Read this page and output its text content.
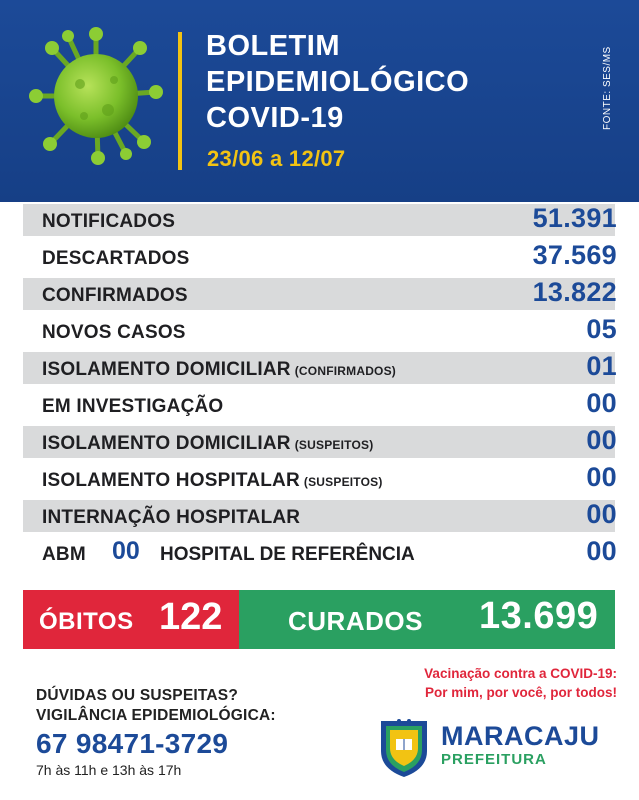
BOLETIM
EPIDEMIOLÓGICO
COVID-19
23/06 a 12/07
FONTE: SES/MS
NOTIFICADOS	51.391
DESCARTADOS	37.569
CONFIRMADOS	13.822
NOVOS CASOS	05
ISOLAMENTO DOMICILIAR (CONFIRMADOS)	01
EM INVESTIGAÇÃO	00
ISOLAMENTO DOMICILIAR (SUSPEITOS)	00
ISOLAMENTO HOSPITALAR (SUSPEITOS)	00
INTERNAÇÃO HOSPITALAR	00
ABM 00 HOSPITAL DE REFERÊNCIA	00
ÓBITOS 122	CURADOS 13.699
Vacinação contra a COVID-19:
Por mim, por você, por todos!
DÚVIDAS OU SUSPEITAS?
VIGILÂNCIA EPIDEMIOLÓGICA:
67 98471-3729
7h às 11h e 13h às 17h
MARACAJU
PREFEITURA
